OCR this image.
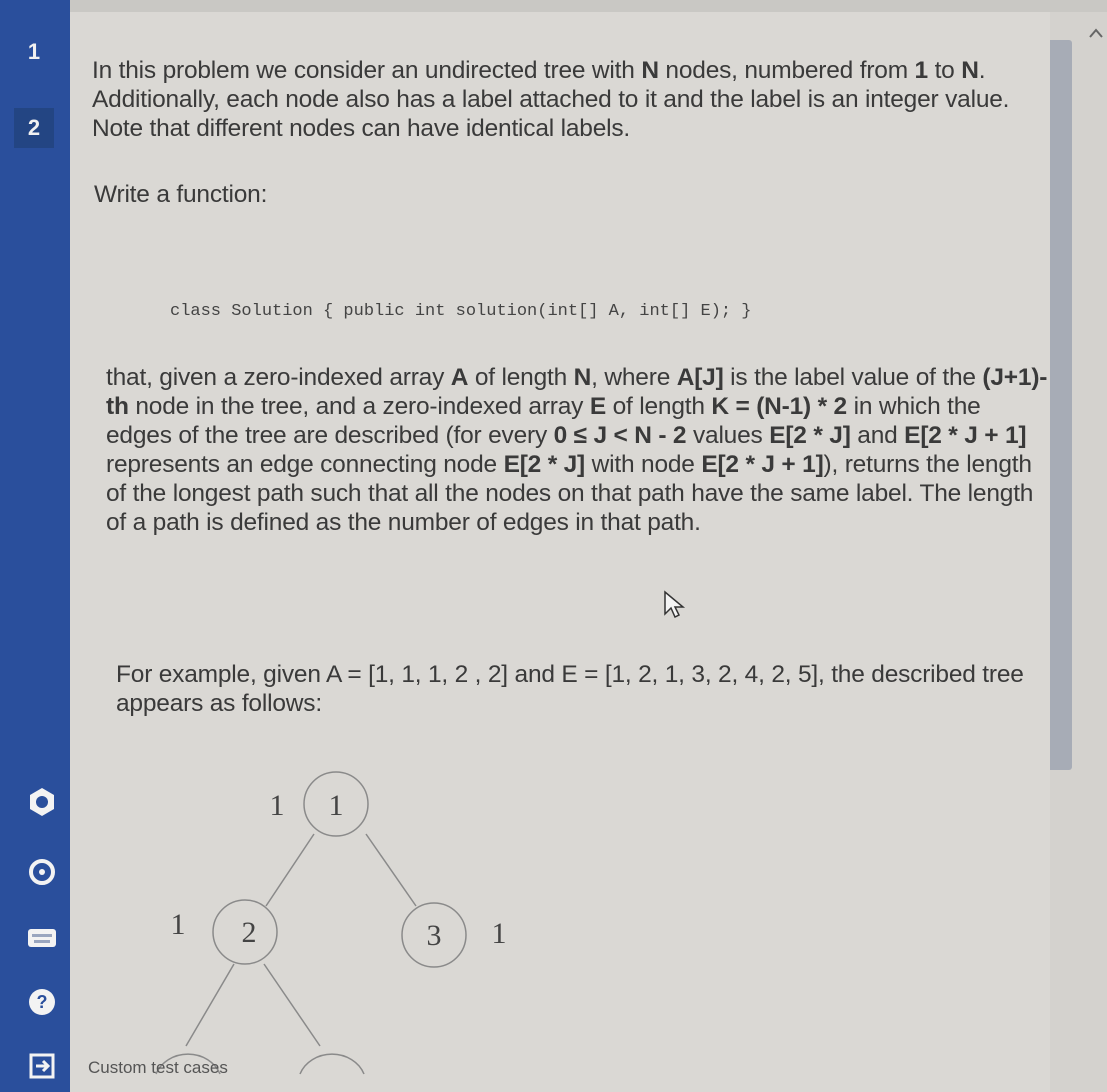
1
2
?

In this problem we consider an undirected tree with N nodes, numbered from 1 to N. Additionally, each node also has a label attached to it and the label is an integer value. Note that different nodes can have identical labels.

Write a function:

class Solution { public int solution(int[] A, int[] E); }

that, given a zero-indexed array A of length N, where A[J] is the label value of the (J+1)-th node in the tree, and a zero-indexed array E of length K = (N-1) * 2 in which the edges of the tree are described (for every 0 ≤ J < N - 2 values E[2 * J] and E[2 * J + 1] represents an edge connecting node E[2 * J] with node E[2 * J + 1]), returns the length of the longest path such that all the nodes on that path have the same label. The length of a path is defined as the number of edges in that path.

For example, given A = [1, 1, 1, 2 , 2] and E = [1, 2, 1, 3, 2, 4, 2, 5], the described tree appears as follows:

1
1
2
1	3 1
Custom test cases
